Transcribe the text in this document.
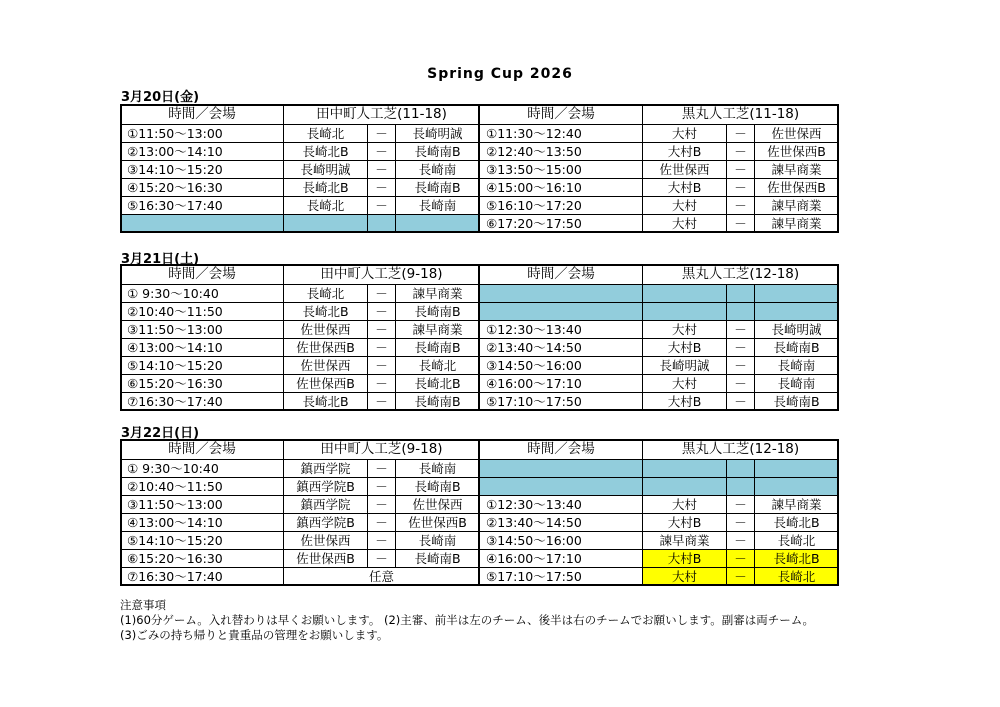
Spring Cup 2026
3月20日(金)
時間／会場	田中町人工芝(11-18)			時間／会場	黒丸人工芝(11-18)		
①11:50～13:00	長崎北	－	長崎明誠	①11:30～12:40	大村	－	佐世保西
②13:00～14:10	長崎北B	－	長崎南B	②12:40～13:50	大村B	－	佐世保西B
③14:10～15:20	長崎明誠	－	長崎南	③13:50～15:00	佐世保西	－	諫早商業
④15:20～16:30	長崎北B	－	長崎南B	④15:00～16:10	大村B	－	佐世保西B
⑤16:30～17:40	長崎北	－	長崎南	⑤16:10～17:20	大村	－	諫早商業
				⑥17:20～17:50	大村	－	諫早商業
3月21日(土)
時間／会場	田中町人工芝(9-18)			時間／会場	黒丸人工芝(12-18)		
① 9:30～10:40	長崎北	－	諫早商業				
②10:40～11:50	長崎北B	－	長崎南B				
③11:50～13:00	佐世保西	－	諫早商業	①12:30～13:40	大村	－	長崎明誠
④13:00～14:10	佐世保西B	－	長崎南B	②13:40～14:50	大村B	－	長崎南B
⑤14:10～15:20	佐世保西	－	長崎北	③14:50～16:00	長崎明誠	－	長崎南
⑥15:20～16:30	佐世保西B	－	長崎北B	④16:00～17:10	大村	－	長崎南
⑦16:30～17:40	長崎北B	－	長崎南B	⑤17:10～17:50	大村B	－	長崎南B
3月22日(日)
時間／会場	田中町人工芝(9-18)			時間／会場	黒丸人工芝(12-18)		
① 9:30～10:40	鎮西学院	－	長崎南				
②10:40～11:50	鎮西学院B	－	長崎南B				
③11:50～13:00	鎮西学院	－	佐世保西	①12:30～13:40	大村	－	諫早商業
④13:00～14:10	鎮西学院B	－	佐世保西B	②13:40～14:50	大村B	－	長崎北B
⑤14:10～15:20	佐世保西	－	長崎南	③14:50～16:00	諫早商業	－	長崎北
⑥15:20～16:30	佐世保西B	－	長崎南B	④16:00～17:10	大村B	－	長崎北B
⑦16:30～17:40	任意			⑤17:10～17:50	大村	－	長崎北
注意事項
(1)60分ゲーム。入れ替わりは早くお願いします。 (2)主審、前半は左のチーム、後半は右のチームでお願いします。副審は両チーム。
(3)ごみの持ち帰りと貴重品の管理をお願いします。
